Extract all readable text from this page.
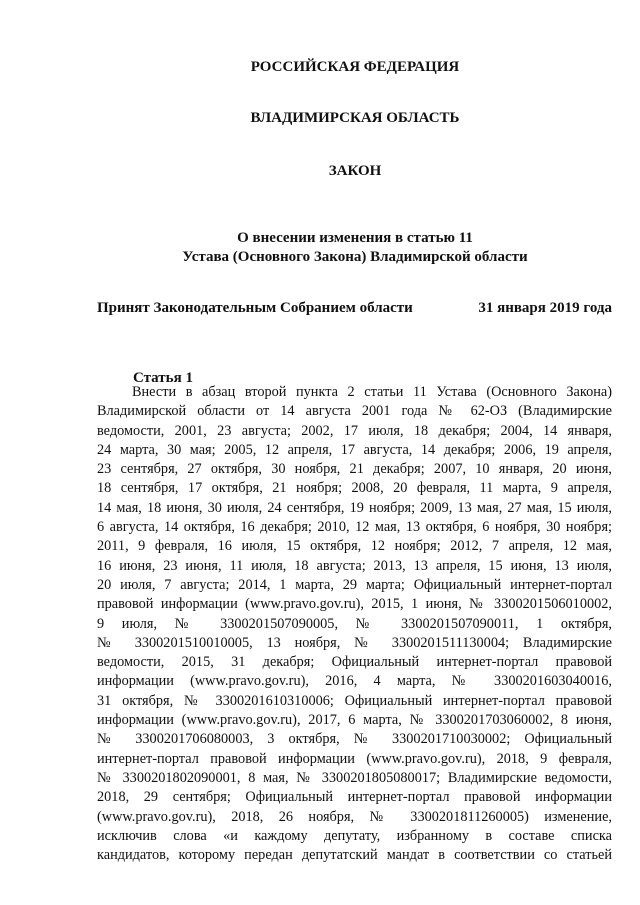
РОССИЙСКАЯ ФЕДЕРАЦИЯ
ВЛАДИМИРСКАЯ ОБЛАСТЬ
ЗАКОН
О внесении изменения в статью 11
Устава (Основного Закона) Владимирской области
Принят Законодательным Собранием области	31 января 2019 года
Статья 1
Внести в абзац второй пункта 2 статьи 11 Устава (Основного Закона)
Владимирской области от 14 августа 2001 года № 62-ОЗ (Владимирские
ведомости, 2001, 23 августа; 2002, 17 июля, 18 декабря; 2004, 14 января,
24 марта, 30 мая; 2005, 12 апреля, 17 августа, 14 декабря; 2006, 19 апреля,
23 сентября, 27 октября, 30 ноября, 21 декабря; 2007, 10 января, 20 июня,
18 сентября, 17 октября, 21 ноября; 2008, 20 февраля, 11 марта, 9 апреля,
14 мая, 18 июня, 30 июля, 24 сентября, 19 ноября; 2009, 13 мая, 27 мая, 15 июля,
6 августа, 14 октября, 16 декабря; 2010, 12 мая, 13 октября, 6 ноября, 30 ноября;
2011, 9 февраля, 16 июля, 15 октября, 12 ноября; 2012, 7 апреля, 12 мая,
16 июня, 23 июня, 11 июля, 18 августа; 2013, 13 апреля, 15 июня, 13 июля,
20 июля, 7 августа; 2014, 1 марта, 29 марта; Официальный интернет-портал
правовой информации (www.pravo.gov.ru), 2015, 1 июня, № 3300201506010002,
9 июля, № 3300201507090005, № 3300201507090011, 1 октября,
№ 3300201510010005, 13 ноября, № 3300201511130004; Владимирские
ведомости, 2015, 31 декабря; Официальный интернет-портал правовой
информации (www.pravo.gov.ru), 2016, 4 марта, № 3300201603040016,
31 октября, № 3300201610310006; Официальный интернет-портал правовой
информации (www.pravo.gov.ru), 2017, 6 марта, № 3300201703060002, 8 июня,
№ 3300201706080003, 3 октября, № 3300201710030002; Официальный
интернет-портал правовой информации (www.pravo.gov.ru), 2018, 9 февраля,
№ 3300201802090001, 8 мая, № 3300201805080017; Владимирские ведомости,
2018, 29 сентября; Официальный интернет-портал правовой информации
(www.pravo.gov.ru), 2018, 26 ноября, № 3300201811260005) изменение,
исключив слова «и каждому депутату, избранному в составе списка
кандидатов, которому передан депутатский мандат в соответствии со статьей
